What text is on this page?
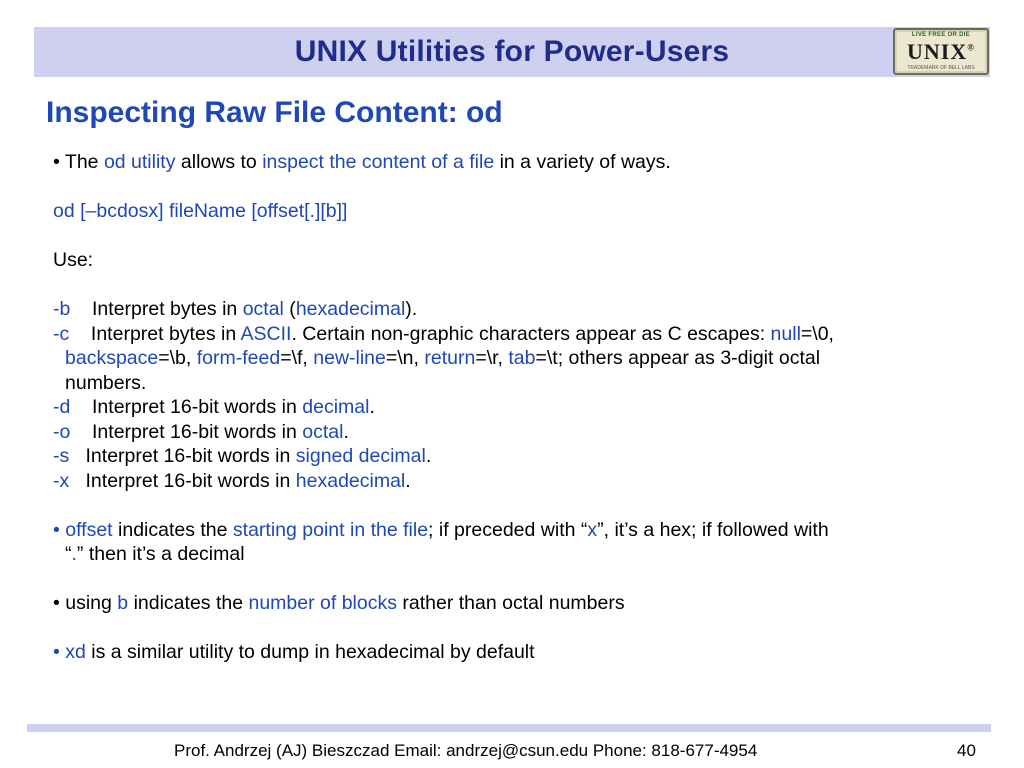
UNIX Utilities for Power-Users	LIVE FREE OR DIE
UNIX®
TRADEMARK OF BELL LABS
Inspecting Raw File Content: od
• The od utility allows to inspect the content of a file in a variety of ways.
od [–bcdosx] fileName [offset[.][b]]
Use:
-b Interpret bytes in octal (hexadecimal).
-c Interpret bytes in ASCII. Certain non-graphic characters appear as C escapes: null=\0,
backspace=\b, form-feed=\f, new-line=\n, return=\r, tab=\t; others appear as 3-digit octal
numbers.
-d Interpret 16-bit words in decimal.
-o Interpret 16-bit words in octal.
-s Interpret 16-bit words in signed decimal.
-x Interpret 16-bit words in hexadecimal.
• offset indicates the starting point in the file; if preceded with “x”, it’s a hex; if followed with
“.” then it’s a decimal
• using b indicates the number of blocks rather than octal numbers
• xd is a similar utility to dump in hexadecimal by default
Prof. Andrzej (AJ) Bieszczad Email: andrzej@csun.edu Phone: 818-677-4954	40
